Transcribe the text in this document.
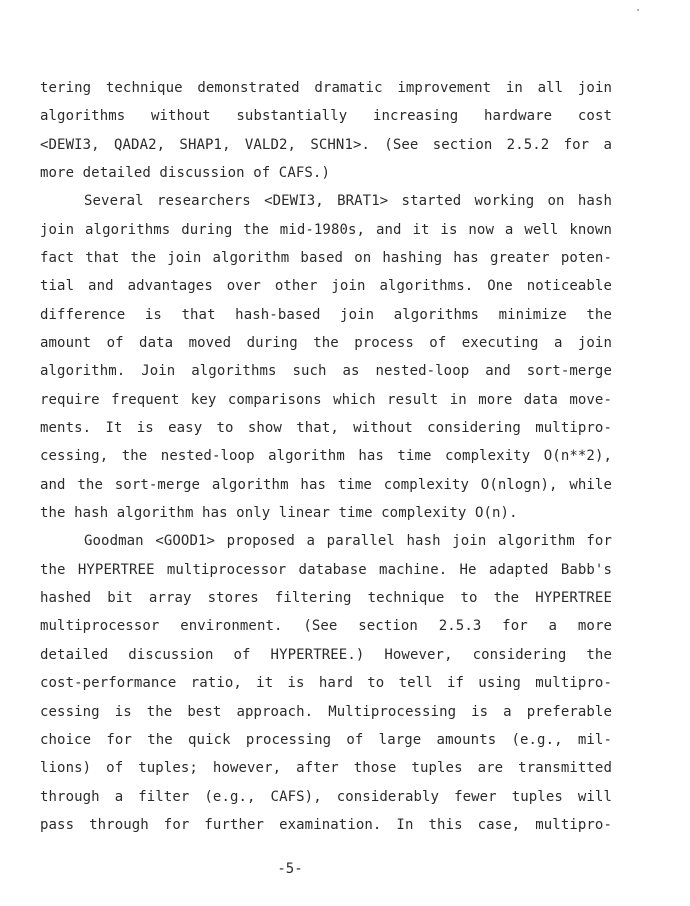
tering technique demonstrated dramatic improvement in all join
algorithms without substantially increasing hardware cost
<DEWI3, QADA2, SHAP1, VALD2, SCHN1>. (See section 2.5.2 for a
more detailed discussion of CAFS.)
Several researchers <DEWI3, BRAT1> started working on hash
join algorithms during the mid-1980s, and it is now a well known
fact that the join algorithm based on hashing has greater poten-
tial and advantages over other join algorithms. One noticeable
difference is that hash-based join algorithms minimize the
amount of data moved during the process of executing a join
algorithm. Join algorithms such as nested-loop and sort-merge
require frequent key comparisons which result in more data move-
ments. It is easy to show that, without considering multipro-
cessing, the nested-loop algorithm has time complexity O(n**2),
and the sort-merge algorithm has time complexity O(nlogn), while
the hash algorithm has only linear time complexity O(n).
Goodman <GOOD1> proposed a parallel hash join algorithm for
the HYPERTREE multiprocessor database machine. He adapted Babb's
hashed bit array stores filtering technique to the HYPERTREE
multiprocessor environment. (See section 2.5.3 for a more
detailed discussion of HYPERTREE.) However, considering the
cost-performance ratio, it is hard to tell if using multipro-
cessing is the best approach. Multiprocessing is a preferable
choice for the quick processing of large amounts (e.g., mil-
lions) of tuples; however, after those tuples are transmitted
through a filter (e.g., CAFS), considerably fewer tuples will
pass through for further examination. In this case, multipro-
-5-
